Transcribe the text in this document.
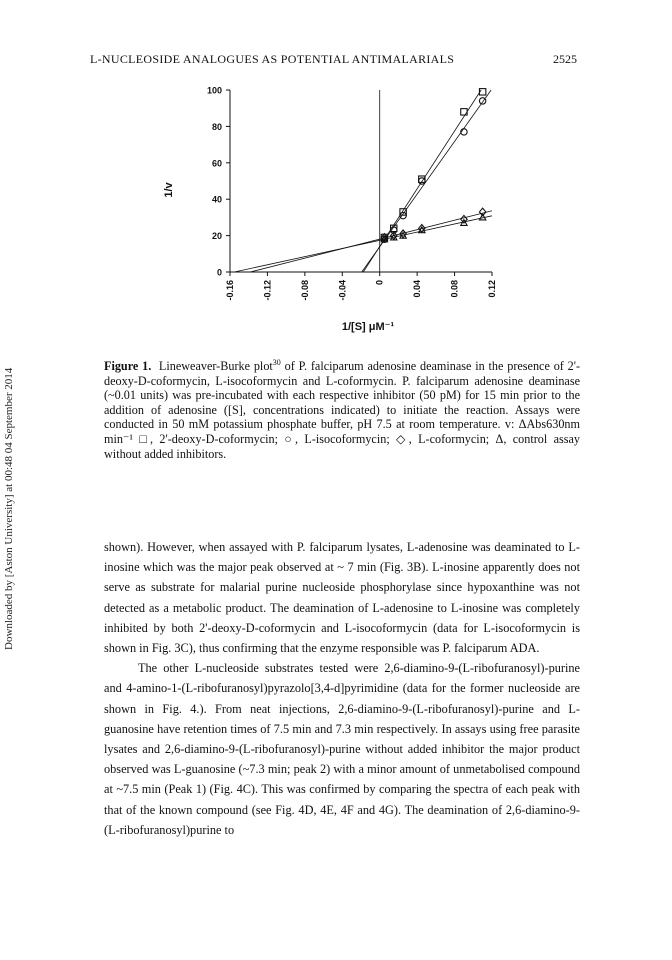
L-NUCLEOSIDE ANALOGUES AS POTENTIAL ANTIMALARIALS	2525
Downloaded by [Aston University] at 00:48 04 September 2014
0
20
40
60
80
100
-0.16	-0.12	-0.08	-0.04	0	0.04	0.08	0.12
1/v
1/[S] μM⁻¹
Figure 1. Lineweaver-Burke plot$^{30}$ of P. falciparum adenosine deaminase in the presence of 2'-deoxy-D-coformycin, L-isocoformycin and L-coformycin. P. falciparum adenosine deaminase (~0.01 units) was pre-incubated with each respective inhibitor (50 pM) for 15 min prior to the addition of adenosine ([S], concentrations indicated) to initiate the reaction. Assays were conducted in 50 mM potassium phosphate buffer, pH 7.5 at room temperature. v: ΔAbs630nm min⁻¹ □, 2'-deoxy-D-coformycin; ○, L-isocoformycin; ◇, L-coformycin; Δ, control assay without added inhibitors.

shown). However, when assayed with P. falciparum lysates, L-adenosine was deaminated to L-inosine which was the major peak observed at ~ 7 min (Fig. 3B). L-inosine apparently does not serve as substrate for malarial purine nucleoside phosphorylase since hypoxanthine was not detected as a metabolic product. The deamination of L-adenosine to L-inosine was completely inhibited by both 2'-deoxy-D-coformycin and L-isocoformycin (data for L-isocoformycin is shown in Fig. 3C), thus confirming that the enzyme responsible was P. falciparum ADA.

The other L-nucleoside substrates tested were 2,6-diamino-9-(L-ribofuranosyl)-purine and 4-amino-1-(L-ribofuranosyl)pyrazolo[3,4-d]pyrimidine (data for the former nucleoside are shown in Fig. 4.). From neat injections, 2,6-diamino-9-(L-ribofuranosyl)-purine and L-guanosine have retention times of 7.5 min and 7.3 min respectively. In assays using free parasite lysates and 2,6-diamino-9-(L-ribofuranosyl)-purine without added inhibitor the major product observed was L-guanosine (~7.3 min; peak 2) with a minor amount of unmetabolised compound at ~7.5 min (Peak 1) (Fig. 4C). This was confirmed by comparing the spectra of each peak with that of the known compound (see Fig. 4D, 4E, 4F and 4G). The deamination of 2,6-diamino-9-(L-ribofuranosyl)purine to
